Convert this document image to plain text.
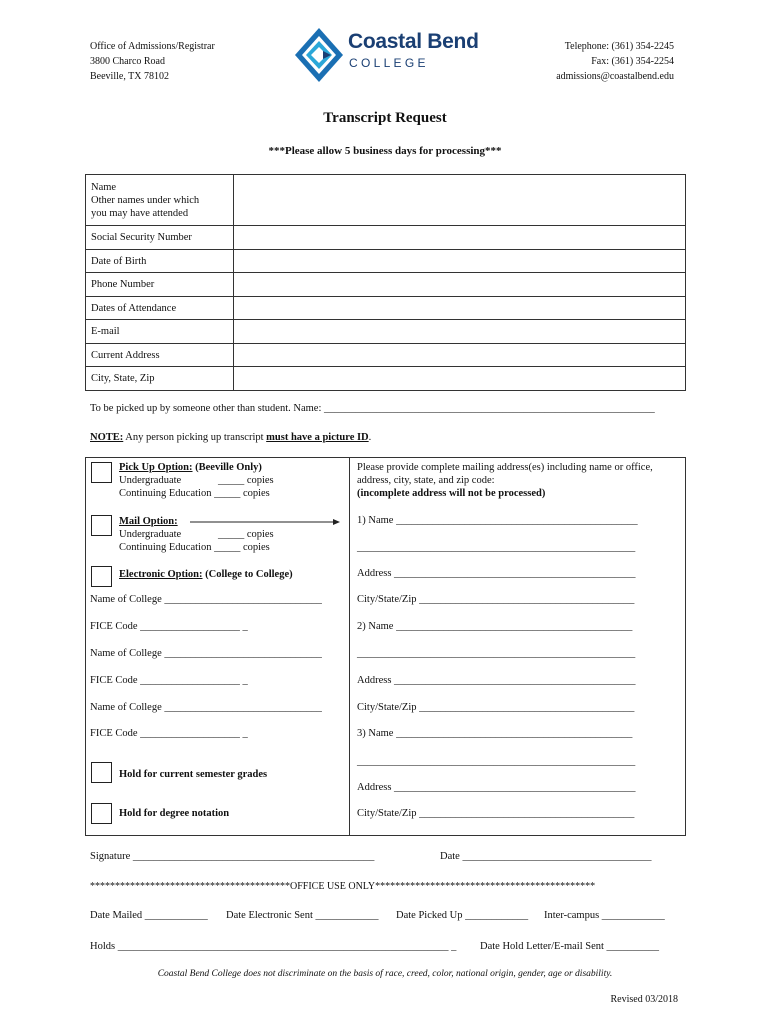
Office of Admissions/Registrar
3800 Charco Road
Beeville, TX 78102
Coastal Bend
COLLEGE
Telephone: (361) 354-2245
Fax: (361) 354-2254
admissions@coastalbend.edu
Transcript Request
***Please allow 5 business days for processing***
Name
Other names under which you may have attended	

Social Security Number	
Date of Birth	
Phone Number	
Dates of Attendance	
E-mail	
Current Address	
City, State, Zip	
To be picked up by someone other than student. Name: _______________________________________________________________
NOTE: Any person picking up transcript must have a picture ID.
Pick Up Option: (Beeville Only)
Undergraduate              _____ copies
Continuing Education _____ copies
Mail Option:
Undergraduate              _____ copies
Continuing Education _____ copies
Electronic Option: (College to College)
Name of College ______________________________
FICE Code ___________________ _
Name of College ______________________________
FICE Code ___________________ _
Name of College ______________________________
FICE Code ___________________ _
Hold for current semester grades
Hold for degree notation
Please provide complete mailing address(es) including name or office,
address, city, state, and zip code:
(incomplete address will not be processed)
1) Name ______________________________________________
_____________________________________________________
Address ______________________________________________
City/State/Zip _________________________________________
2) Name _____________________________________________
_____________________________________________________
Address ______________________________________________
City/State/Zip _________________________________________
3) Name _____________________________________________
_____________________________________________________
Address ______________________________________________
City/State/Zip _________________________________________
Signature ______________________________________________	Date ____________________________________
****************************************OFFICE USE ONLY********************************************
Date Mailed ____________ Date Electronic Sent ____________ Date Picked Up ____________ Inter-campus ____________
Holds _______________________________________________________________ _ Date Hold Letter/E-mail Sent __________
Coastal Bend College does not discriminate on the basis of race, creed, color, national origin, gender, age or disability.
Revised 03/2018
